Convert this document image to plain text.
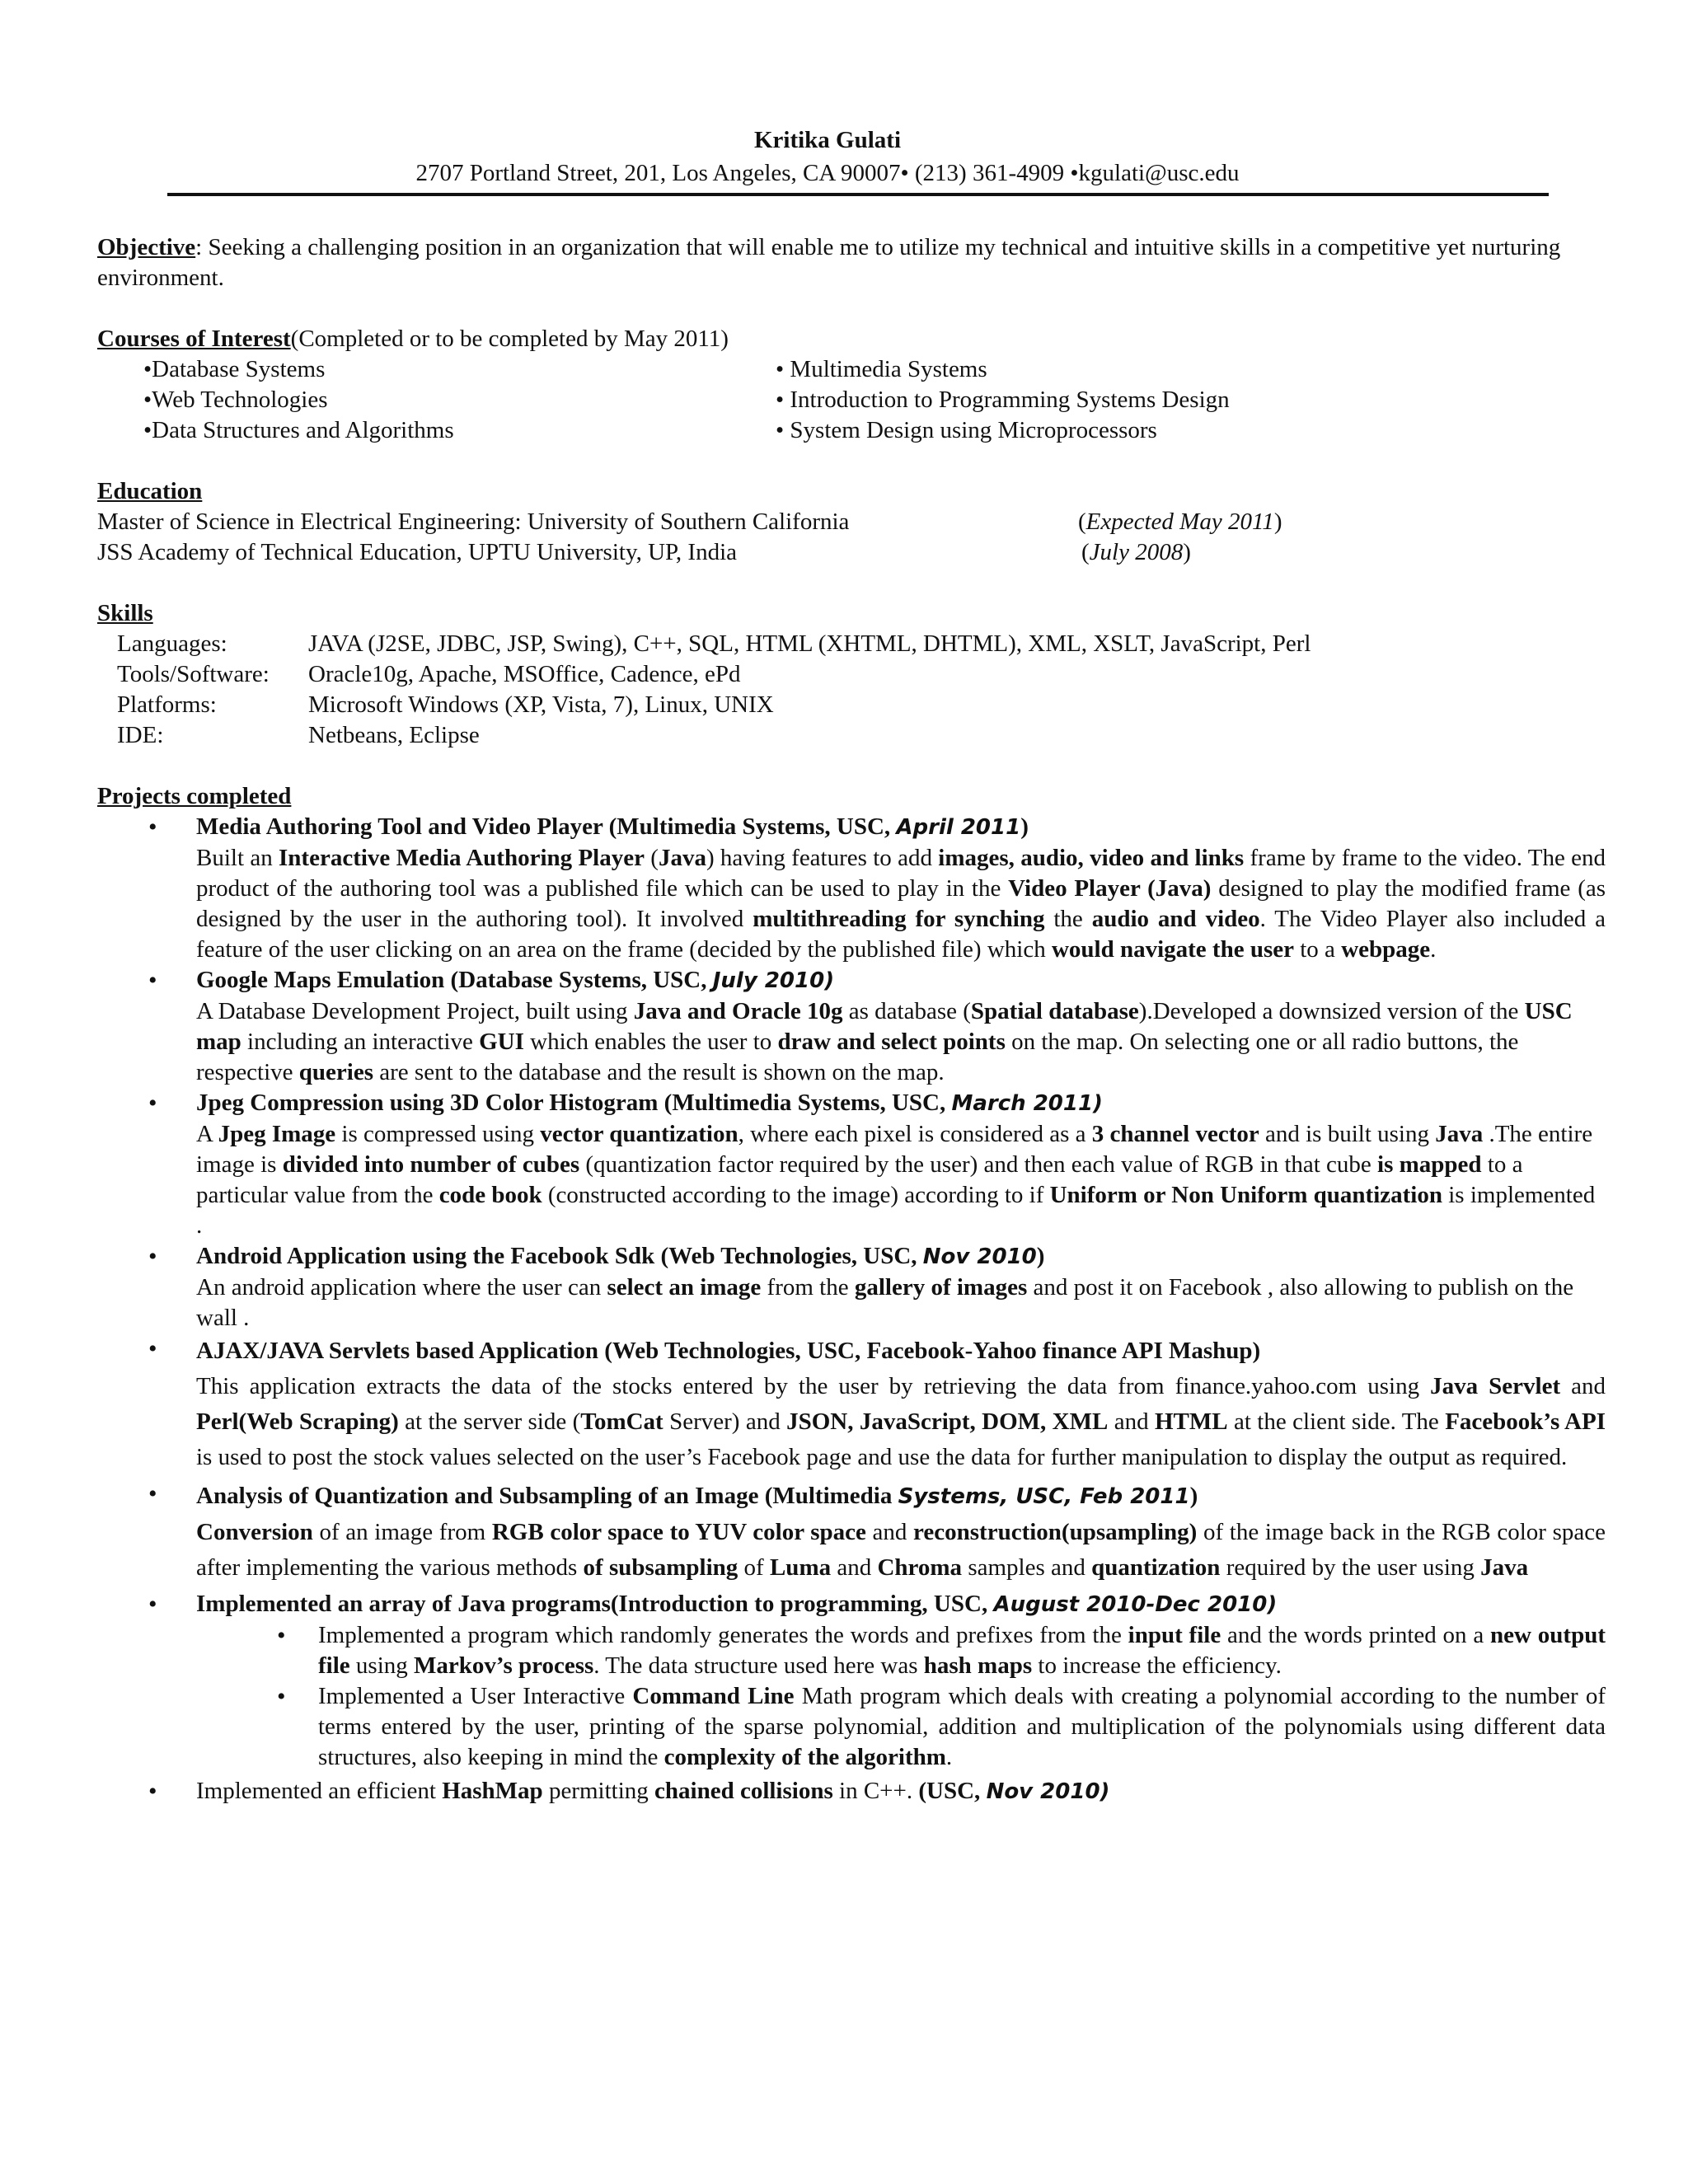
Kritika Gulati
2707 Portland Street, 201, Los Angeles, CA 90007• (213) 361-4909 •kgulati@usc.edu

Objective: Seeking a challenging position in an organization that will enable me to utilize my technical and intuitive skills in a competitive yet nurturing environment.

Courses of Interest(Completed or to be completed by May 2011)
•Database Systems	• Multimedia Systems
•Web Technologies	• Introduction to Programming Systems Design
•Data Structures and Algorithms	• System Design using Microprocessors
Education
Master of Science in Electrical Engineering: University of Southern California	(Expected May 2011)
JSS Academy of Technical Education, UPTU University, UP, India	(July 2008)
Skills
Languages:	JAVA (J2SE, JDBC, JSP, Swing), C++, SQL, HTML (XHTML, DHTML), XML, XSLT, JavaScript, Perl
Tools/Software:	Oracle10g, Apache, MSOffice, Cadence, ePd
Platforms:	Microsoft Windows (XP, Vista, 7), Linux, UNIX
IDE:	Netbeans, Eclipse
Projects completed
• Media Authoring Tool and Video Player (Multimedia Systems, USC, April 2011)
Built an Interactive Media Authoring Player (Java) having features to add images, audio, video and links frame by frame to the video. The end product of the authoring tool was a published file which can be used to play in the Video Player (Java) designed to play the modified frame (as designed by the user in the authoring tool). It involved multithreading for synching the audio and video. The Video Player also included a feature of the user clicking on an area on the frame (decided by the published file) which would navigate the user to a webpage.
• Google Maps Emulation (Database Systems, USC, July 2010)
A Database Development Project, built using Java and Oracle 10g as database (Spatial database).Developed a downsized version of the USC map including an interactive GUI which enables the user to draw and select points on the map. On selecting one or all radio buttons, the respective queries are sent to the database and the result is shown on the map.
• Jpeg Compression using 3D Color Histogram (Multimedia Systems, USC, March 2011)
A Jpeg Image is compressed using vector quantization, where each pixel is considered as a 3 channel vector and is built using Java .The entire image is divided into number of cubes (quantization factor required by the user) and then each value of RGB in that cube is mapped to a particular value from the code book (constructed according to the image) according to if Uniform or Non Uniform quantization is implemented .
• Android Application using the Facebook Sdk (Web Technologies, USC, Nov 2010)
An android application where the user can select an image from the gallery of images and post it on Facebook , also allowing to publish on the wall .
• AJAX/JAVA Servlets based Application (Web Technologies, USC, Facebook-Yahoo finance API Mashup)
This application extracts the data of the stocks entered by the user by retrieving the data from finance.yahoo.com using Java Servlet and Perl(Web Scraping) at the server side (TomCat Server) and JSON, JavaScript, DOM, XML and HTML at the client side. The Facebook’s API is used to post the stock values selected on the user’s Facebook page and use the data for further manipulation to display the output as required.
• Analysis of Quantization and Subsampling of an Image (Multimedia Systems, USC, Feb 2011)
Conversion of an image from RGB color space to YUV color space and reconstruction(upsampling) of the image back in the RGB color space after implementing the various methods of subsampling of Luma and Chroma samples and quantization required by the user using Java
• Implemented an array of Java programs(Introduction to programming, USC, August 2010-Dec 2010)
• Implemented a program which randomly generates the words and prefixes from the input file and the words printed on a new output file using Markov’s process. The data structure used here was hash maps to increase the efficiency.
• Implemented a User Interactive Command Line Math program which deals with creating a polynomial according to the number of terms entered by the user, printing of the sparse polynomial, addition and multiplication of the polynomials using different data structures, also keeping in mind the complexity of the algorithm.
• Implemented an efficient HashMap permitting chained collisions in C++. (USC, Nov 2010)
